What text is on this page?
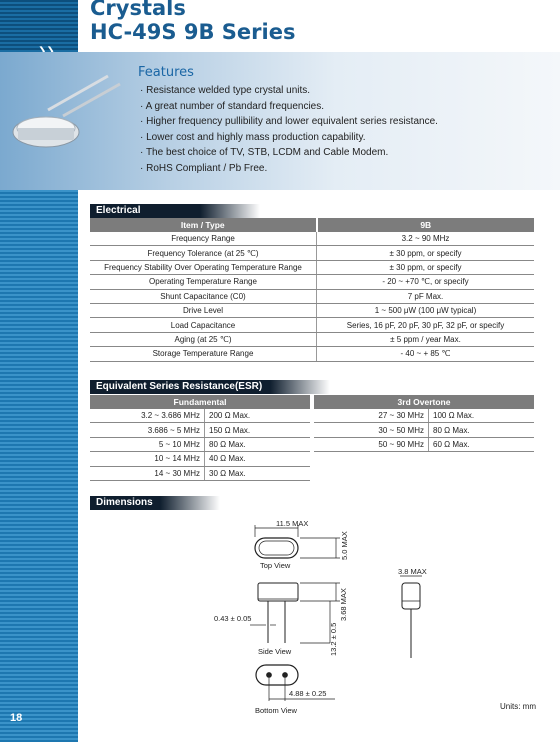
Crystals
HC-49S 9B Series
Features
· Resistance welded type crystal units.
· A great number of standard frequencies.
· Higher frequency pullibility and lower equivalent series resistance.
· Lower cost and highly mass production capability.
· The best choice of TV, STB, LCDM and Cable Modem.
· RoHS Compliant / Pb Free.
Electrical
Item / Type	9B
Frequency Range	3.2 ~ 90 MHz
Frequency Tolerance (at 25 ℃)	± 30 ppm, or specify
Frequency Stability Over Operating Temperature Range	± 30 ppm, or specify
Operating Temperature Range	- 20 ~ +70 ℃, or specify
Shunt Capacitance (C0)	7 pF Max.
Drive Level	1 ~ 500 μW (100 μW typical)
Load Capacitance	Series, 16 pF, 20 pF, 30 pF, 32 pF, or specify
Aging (at 25 ℃)	± 5 ppm / year Max.
Storage Temperature Range	- 40 ~ + 85 ℃
Equivalent Series Resistance(ESR)
Fundamental	
3.2 ~ 3.686 MHz	200 Ω Max.
3.686 ~ 5 MHz	150 Ω Max.
5 ~ 10 MHz	80 Ω Max.
10 ~ 14 MHz	40 Ω Max.
14 ~ 30 MHz	30 Ω Max.
3rd Overtone	
27 ~ 30 MHz	100 Ω Max.
30 ~ 50 MHz	80 Ω Max.
50 ~ 90 MHz	60 Ω Max.
Dimensions
11.5 MAX
Top View
5.0 MAX
3.68 MAX
13.2 ± 0.5
0.43 ± 0.05
Side View
3.8 MAX
4.88 ± 0.25
Bottom View	Units: mm
18
